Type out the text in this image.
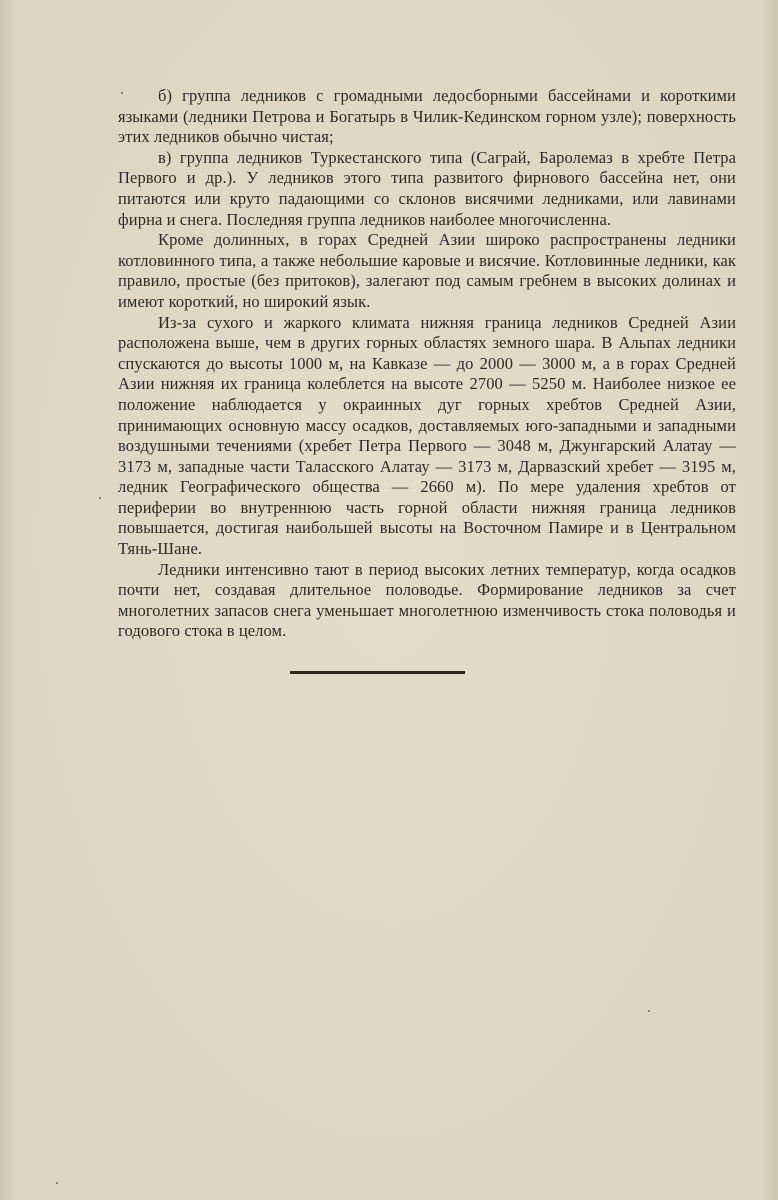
б) группа ледников с громадными ледосборными бассейнами и короткими языками (ледники Петрова и Богатырь в Чилик-Кединском горном узле); поверхность этих ледников обычно чистая;

в) группа ледников Туркестанского типа (Саграй, Баролемаз в хребте Петра Первого и др.). У ледников этого типа развитого фирнового бассейна нет, они питаются или круто падающими со склонов висячими ледниками, или лавинами фирна и снега. Последняя группа ледников наиболее многочисленна.

Кроме долинных, в горах Средней Азии широко распространены ледники котловинного типа, а также небольшие каровые и висячие. Котловинные ледники, как правило, простые (без притоков), залегают под самым гребнем в высоких долинах и имеют короткий, но широкий язык.

Из-за сухого и жаркого климата нижняя граница ледников Средней Азии расположена выше, чем в других горных областях земного шара. В Альпах ледники спускаются до высоты 1000 м, на Кавказе — до 2000 — 3000 м, а в горах Средней Азии нижняя их граница колеблется на высоте 2700 — 5250 м. Наиболее низкое ее положение наблюдается у окраинных дуг горных хребтов Средней Азии, принимающих основную массу осадков, доставляемых юго-западными и западными воздушными течениями (хребет Петра Первого — 3048 м, Джунгарский Алатау — 3173 м, западные части Таласского Алатау — 3173 м, Дарвазский хребет — 3195 м, ледник Географического общества — 2660 м). По мере удаления хребтов от периферии во внутреннюю часть горной области нижняя граница ледников повышается, достигая наибольшей высоты на Восточном Памире и в Центральном Тянь-Шане.

Ледники интенсивно тают в период высоких летних температур, когда осадков почти нет, создавая длительное половодье. Формирование ледников за счет многолетних запасов снега уменьшает многолетнюю изменчивость стока половодья и годового стока в целом.
